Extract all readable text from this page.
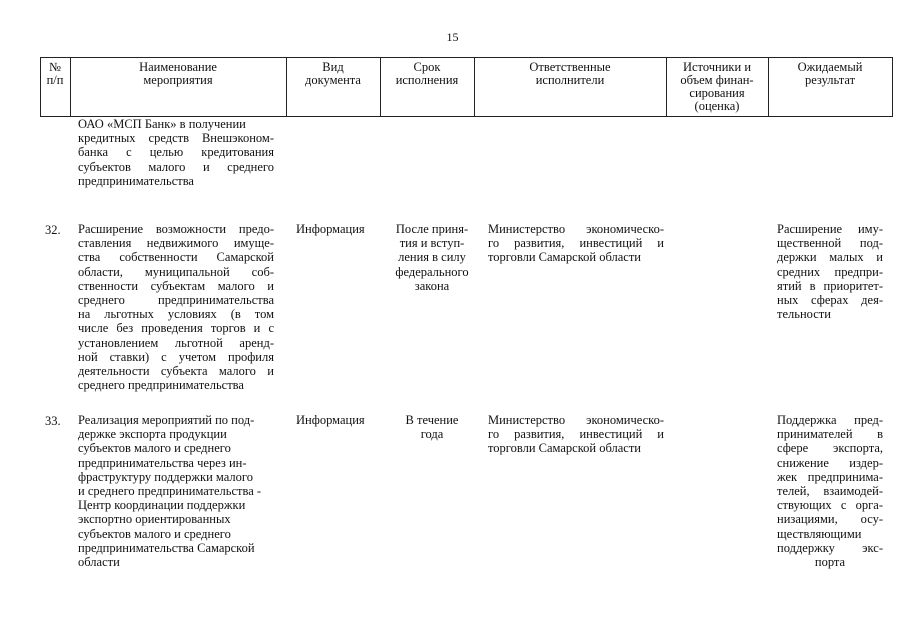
15
№
п/п
Наименование
мероприятия
Вид
документа
Срок
исполнения
Ответственные
исполнители
Источники и
объем финан-
сирования
(оценка)
Ожидаемый
результат
ОАО «МСП Банк» в получении
кредитных средств Внешэконом-
банка с целью кредитования
субъектов малого и среднего
предпринимательства
32. Расширение возможности предо-
ставления недвижимого имуще-
ства собственности Самарской
области, муниципальной соб-
ственности субъектам малого и
среднего предпринимательства
на льготных условиях (в том
числе без проведения торгов и с
установлением льготной аренд-
ной ставки) с учетом профиля
деятельности субъекта малого и
среднего предпринимательства
Информация	После приня-
тия и вступ-
ления в силу
федерального
закона
Министерство экономическо-
го развития, инвестиций и
торговли Самарской области
Расширение иму-
щественной под-
держки малых и
средних предпри-
ятий в приоритет-
ных сферах дея-
тельности
33. Реализация мероприятий по под-
держке экспорта продукции
субъектов малого и среднего
предпринимательства через ин-
фраструктуру поддержки малого
и среднего предпринимательства -
Центр координации поддержки
экспортно ориентированных
субъектов малого и среднего
предпринимательства Самарской
области
Информация	В течение
года
Министерство экономическо-
го развития, инвестиций и
торговли Самарской области
Поддержка пред-
принимателей в
сфере экспорта,
снижение издер-
жек предпринима-
телей, взаимодей-
ствующих с орга-
низациями, осу-
ществляющими
поддержку экс-
порта
